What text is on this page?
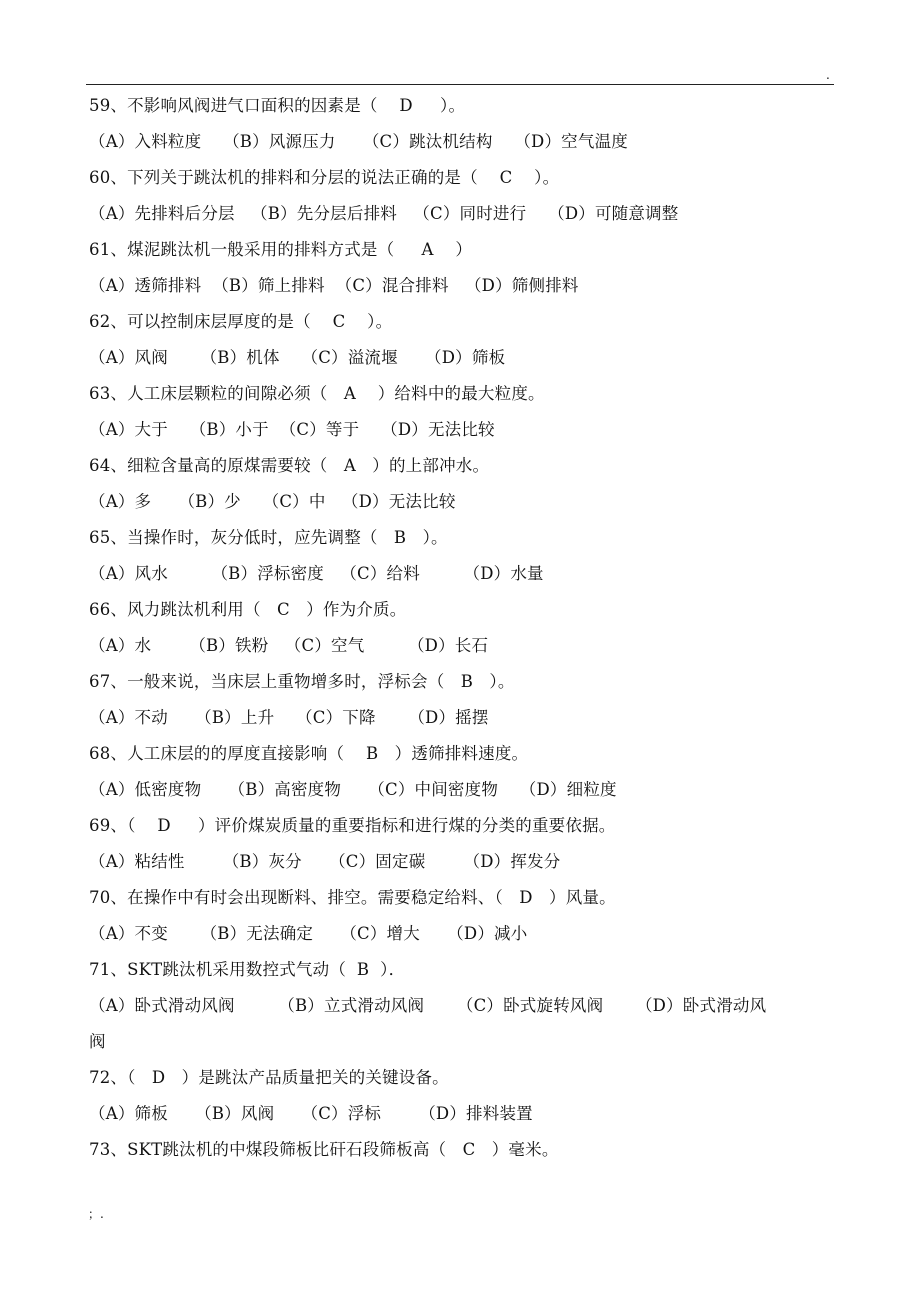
.
59、不影响风阀进气口面积的因素是（    D     ）。
（A）入料粒度    （B）风源压力     （C）跳汰机结构    （D）空气温度
60、下列关于跳汰机的排料和分层的说法正确的是（    C    ）。
（A）先排料后分层   （B）先分层后排料   （C）同时进行    （D）可随意调整
61、煤泥跳汰机一般采用的排料方式是（     A    ）
（A）透筛排料  （B）筛上排料  （C）混合排料   （D）筛侧排料
62、可以控制床层厚度的是（    C    ）。
（A）风阀      （B）机体    （C）溢流堰     （D）筛板
63、人工床层颗粒的间隙必须（   A    ）给料中的最大粒度。
（A）大于    （B）小于  （C）等于    （D）无法比较
64、细粒含量高的原煤需要较（   A   ）的上部冲水。
（A）多     （B）少    （C）中   （D）无法比较
65、当操作时，灰分低时，应先调整（   B   ）。
（A）风水        （B）浮标密度   （C）给料        （D）水量
66、风力跳汰机利用（   C   ）作为介质。
（A）水       （B）铁粉   （C）空气        （D）长石
67、一般来说，当床层上重物增多时，浮标会（   B   ）。
（A）不动     （B）上升    （C）下降      （D）摇摆
68、人工床层的的厚度直接影响（    B   ）透筛排料速度。
（A）低密度物     （B）高密度物     （C）中间密度物    （D）细粒度
69、（    D     ）评价煤炭质量的重要指标和进行煤的分类的重要依据。
（A）粘结性       （B）灰分     （C）固定碳       （D）挥发分
70、在操作中有时会出现断料、排空。需要稳定给料、（   D   ）风量。
（A）不变      （B）无法确定     （C）增大     （D）减小
71、SKT跳汰机采用数控式气动（  B  ）．
（A）卧式滑动风阀        （B）立式滑动风阀      （C）卧式旋转风阀      （D）卧式滑动风
阀
72、（   D   ）是跳汰产品质量把关的关键设备。
（A）筛板     （B）风阀     （C）浮标       （D）排料装置
73、SKT跳汰机的中煤段筛板比矸石段筛板高（   C   ）毫米。
；.
